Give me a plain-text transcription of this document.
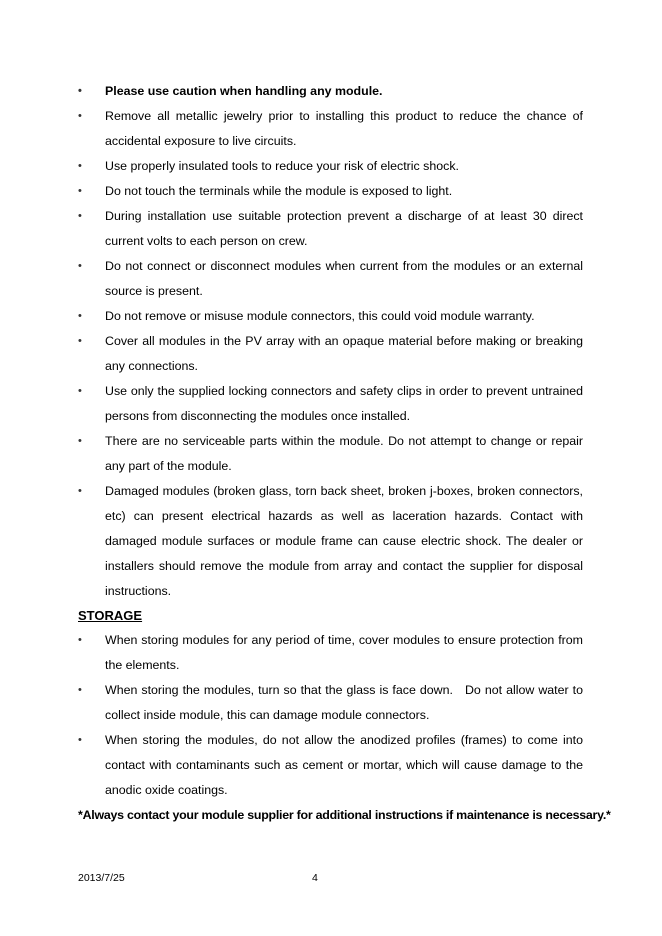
• Please use caution when handling any module.
• Remove all metallic jewelry prior to installing this product to reduce the chance of accidental exposure to live circuits.
• Use properly insulated tools to reduce your risk of electric shock.
• Do not touch the terminals while the module is exposed to light.
• During installation use suitable protection prevent a discharge of at least 30 direct current volts to each person on crew.
• Do not connect or disconnect modules when current from the modules or an external source is present.
• Do not remove or misuse module connectors, this could void module warranty.
• Cover all modules in the PV array with an opaque material before making or breaking any connections.
• Use only the supplied locking connectors and safety clips in order to prevent untrained persons from disconnecting the modules once installed.
• There are no serviceable parts within the module. Do not attempt to change or repair any part of the module.
• Damaged modules (broken glass, torn back sheet, broken j-boxes, broken connectors, etc) can present electrical hazards as well as laceration hazards. Contact with damaged module surfaces or module frame can cause electric shock. The dealer or installers should remove the module from array and contact the supplier for disposal instructions.
STORAGE
• When storing modules for any period of time, cover modules to ensure protection from the elements.
• When storing the modules, turn so that the glass is face down.   Do not allow water to collect inside module, this can damage module connectors.
• When storing the modules, do not allow the anodized profiles (frames) to come into contact with contaminants such as cement or mortar, which will cause damage to the anodic oxide coatings.
*Always contact your module supplier for additional instructions if maintenance is necessary.*
2013/7/25	4
